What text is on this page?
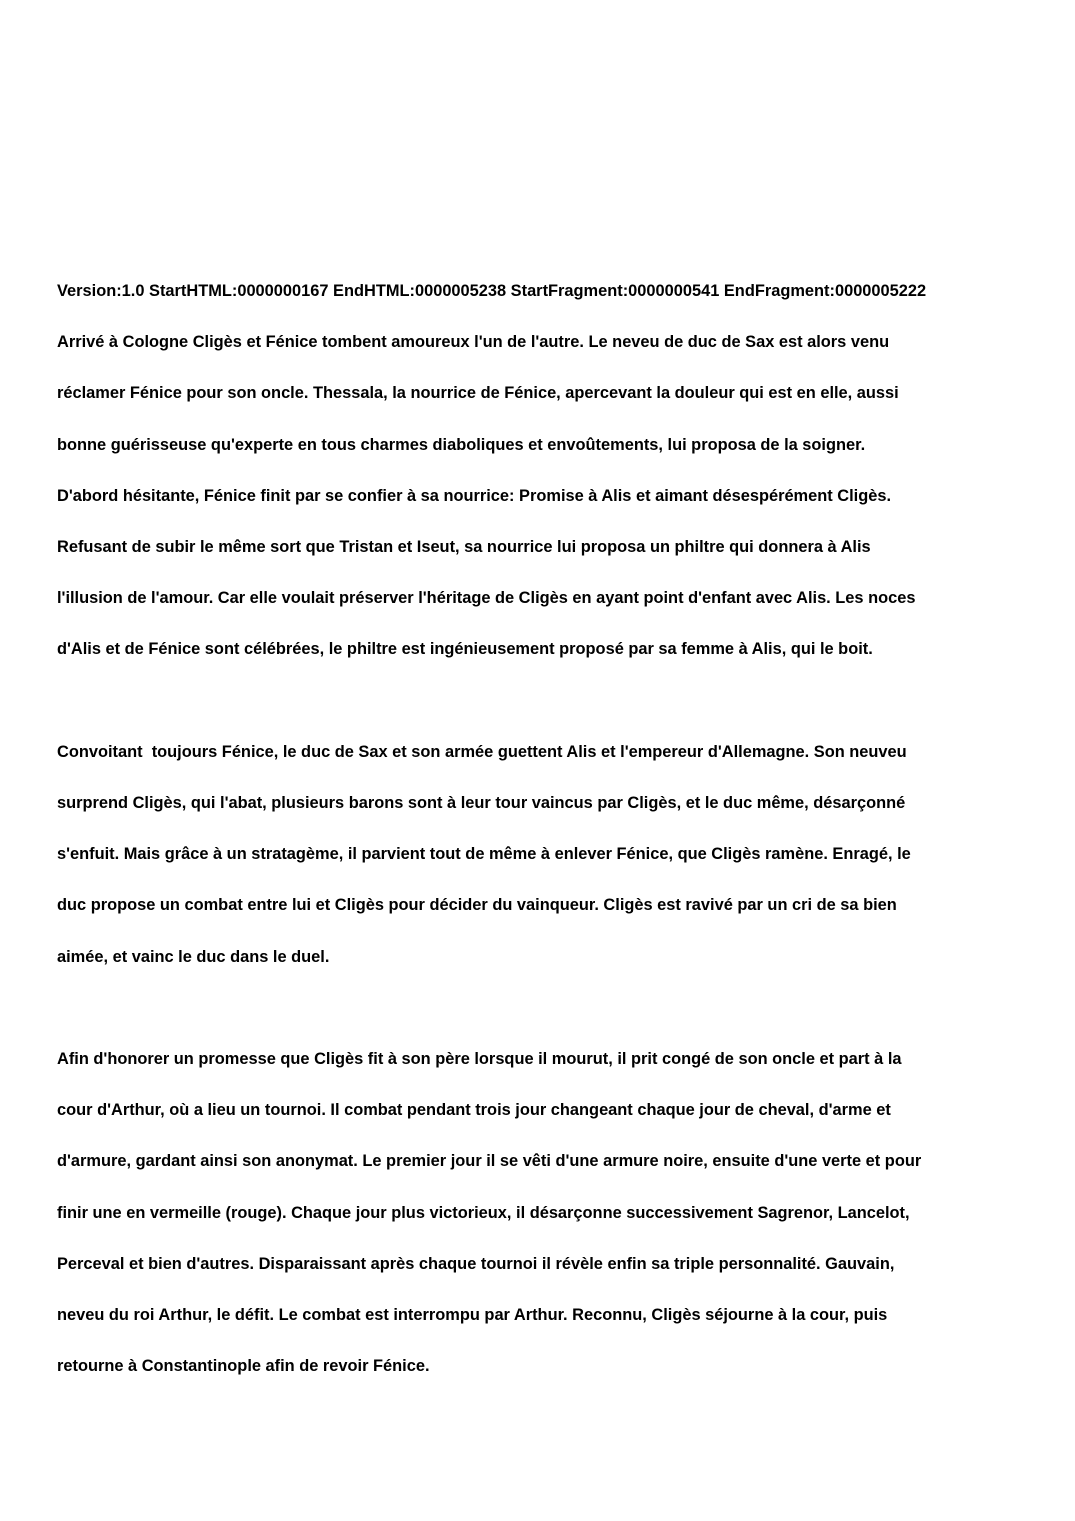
Version:1.0 StartHTML:0000000167 EndHTML:0000005238 StartFragment:0000000541 EndFragment:0000005222

Arrivé à Cologne Cligès et Fénice tombent amoureux l'un de l'autre. Le neveu de duc de Sax est alors venu

réclamer Fénice pour son oncle. Thessala, la nourrice de Fénice, apercevant la douleur qui est en elle, aussi

bonne guérisseuse qu'experte en tous charmes diaboliques et envoûtements, lui proposa de la soigner.

D'abord hésitante, Fénice finit par se confier à sa nourrice: Promise à Alis et aimant désespérément Cligès.

Refusant de subir le même sort que Tristan et Iseut, sa nourrice lui proposa un philtre qui donnera à Alis

l'illusion de l'amour. Car elle voulait préserver l'héritage de Cligès en ayant point d'enfant avec Alis. Les noces

d'Alis et de Fénice sont célébrées, le philtre est ingénieusement proposé par sa femme à Alis, qui le boit.

Convoitant  toujours Fénice, le duc de Sax et son armée guettent Alis et l'empereur d'Allemagne. Son neuveu

surprend Cligès, qui l'abat, plusieurs barons sont à leur tour vaincus par Cligès, et le duc même, désarçonné

s'enfuit. Mais grâce à un stratagème, il parvient tout de même à enlever Fénice, que Cligès ramène. Enragé, le

duc propose un combat entre lui et Cligès pour décider du vainqueur. Cligès est ravivé par un cri de sa bien

aimée, et vainc le duc dans le duel.

Afin d'honorer un promesse que Cligès fit à son père lorsque il mourut, il prit congé de son oncle et part à la

cour d'Arthur, où a lieu un tournoi. Il combat pendant trois jour changeant chaque jour de cheval, d'arme et

d'armure, gardant ainsi son anonymat. Le premier jour il se vêti d'une armure noire, ensuite d'une verte et pour

finir une en vermeille (rouge). Chaque jour plus victorieux, il désarçonne successivement Sagrenor, Lancelot,

Perceval et bien d'autres. Disparaissant après chaque tournoi il révèle enfin sa triple personnalité. Gauvain,

neveu du roi Arthur, le défit. Le combat est interrompu par Arthur. Reconnu, Cligès séjourne à la cour, puis

retourne à Constantinople afin de revoir Fénice.
